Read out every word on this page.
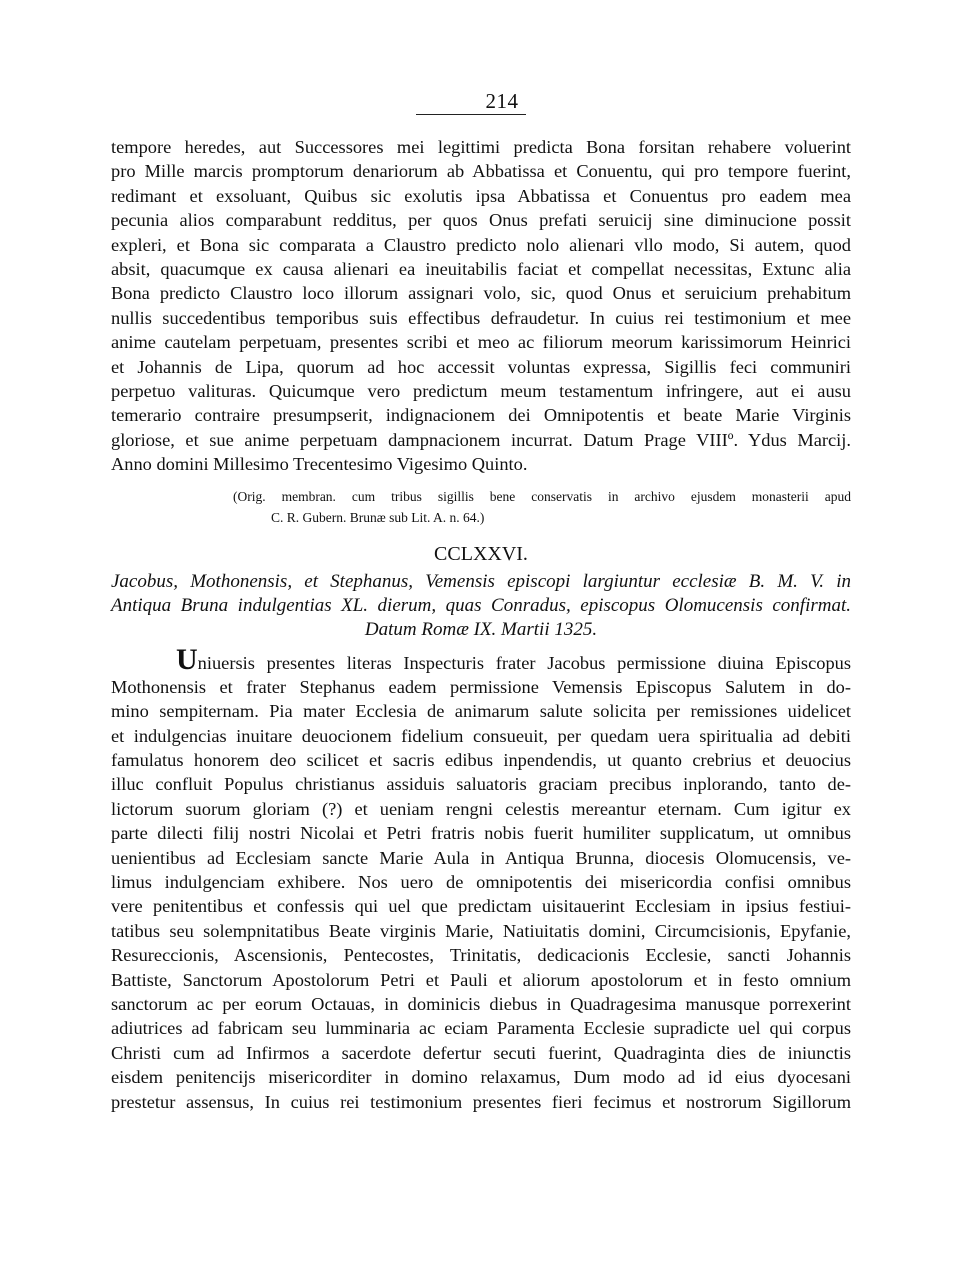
214
tempore heredes, aut Successores mei legittimi predicta Bona forsitan rehabere voluerint
pro Mille marcis promptorum denariorum ab Abbatissa et Conuentu, qui pro tempore fuerint,
redimant et exsoluant, Quibus sic exolutis ipsa Abbatissa et Conuentus pro eadem mea
pecunia alios comparabunt redditus, per quos Onus prefati seruicij sine diminucione possit
expleri, et Bona sic comparata a Claustro predicto nolo alienari vllo modo, Si autem, quod
absit, quacumque ex causa alienari ea ineuitabilis faciat et compellat necessitas, Extunc alia
Bona predicto Claustro loco illorum assignari volo, sic, quod Onus et seruicium prehabitum
nullis succedentibus temporibus suis effectibus defraudetur. In cuius rei testimonium et mee
anime cautelam perpetuam, presentes scribi et meo ac filiorum meorum karissimorum Heinrici
et Johannis de Lipa, quorum ad hoc accessit voluntas expressa, Sigillis feci communiri
perpetuo valituras. Quicumque vero predictum meum testamentum infringere, aut ei ausu
temerario contraire presumpserit, indignacionem dei Omnipotentis et beate Marie Virginis
gloriose, et sue anime perpetuam dampnacionem incurrat. Datum Prage VIIIº. Ydus Marcij.
Anno domini Millesimo Trecentesimo Vigesimo Quinto.
(Orig. membran. cum tribus sigillis bene conservatis in archivo ejusdem monasterii apud
C. R. Gubern. Brunæ sub Lit. A. n. 64.)
CCLXXVI.
Jacobus, Mothonensis, et Stephanus, Vemensis episcopi largiuntur ecclesiæ B. M. V. in
Antiqua Bruna indulgentias XL. dierum, quas Conradus, episcopus Olomucensis confirmat.
Datum Romæ IX. Martii 1325.
Uniuersis presentes literas Inspecturis frater Jacobus permissione diuina Episcopus
Mothonensis et frater Stephanus eadem permissione Vemensis Episcopus Salutem in do-
mino sempiternam. Pia mater Ecclesia de animarum salute solicita per remissiones uidelicet
et indulgencias inuitare deuocionem fidelium consueuit, per quedam uera spiritualia ad debiti
famulatus honorem deo scilicet et sacris edibus inpendendis, ut quanto crebrius et deuocius
illuc confluit Populus christianus assiduis saluatoris graciam precibus inplorando, tanto de-
lictorum suorum gloriam (?) et ueniam rengni celestis mereantur eternam. Cum igitur ex
parte dilecti filij nostri Nicolai et Petri fratris nobis fuerit humiliter supplicatum, ut omnibus
uenientibus ad Ecclesiam sancte Marie Aula in Antiqua Brunna, diocesis Olomucensis, ve-
limus indulgenciam exhibere. Nos uero de omnipotentis dei misericordia confisi omnibus
vere penitentibus et confessis qui uel que predictam uisitauerint Ecclesiam in ipsius festiui-
tatibus seu solempnitatibus Beate virginis Marie, Natiuitatis domini, Circumcisionis, Epyfanie,
Resureccionis, Ascensionis, Pentecostes, Trinitatis, dedicacionis Ecclesie, sancti Johannis
Battiste, Sanctorum Apostolorum Petri et Pauli et aliorum apostolorum et in festo omnium
sanctorum ac per eorum Octauas, in dominicis diebus in Quadragesima manusque porrexerint
adiutrices ad fabricam seu lumminaria ac eciam Paramenta Ecclesie supradicte uel qui corpus
Christi cum ad Infirmos a sacerdote defertur secuti fuerint, Quadraginta dies de iniunctis
eisdem penitencijs misericorditer in domino relaxamus, Dum modo ad id eius dyocesani
prestetur assensus, In cuius rei testimonium presentes fieri fecimus et nostrorum Sigillorum
